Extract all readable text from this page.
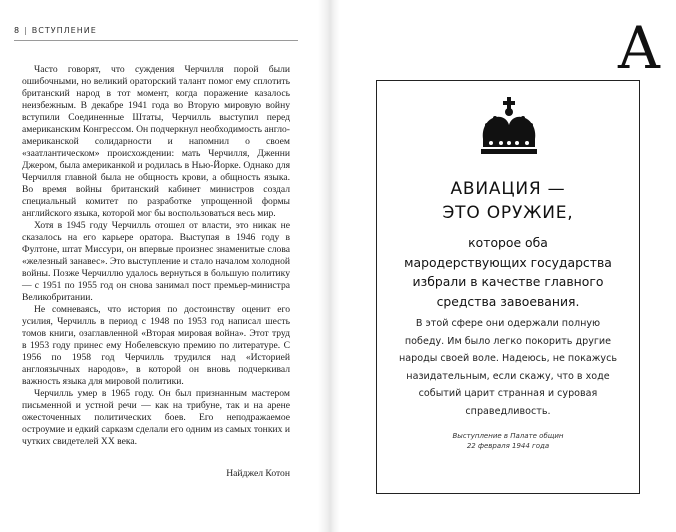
8 | ВСТУПЛЕНИЕ

Часто говорят, что суждения Черчилля порой были ошибочными, но великий ораторский талант помог ему сплотить британский народ в тот момент, когда поражение казалось неизбежным. В декабре 1941 года во Вторую мировую войну вступили Соединенные Штаты, Черчилль выступил перед американским Конгрессом. Он подчеркнул необходимость англо-американской солидарности и напомнил о своем «заатлантическом» происхождении: мать Черчилля, Дженни Джером, была американкой и родилась в Нью-Йорке. Однако для Черчилля главной была не общность крови, а общность языка. Во время войны британский кабинет министров создал специальный комитет по разработке упрощенной формы английского языка, которой мог бы воспользоваться весь мир.

Хотя в 1945 году Черчилль отошел от власти, это никак не сказалось на его карьере оратора. Выступая в 1946 году в Фултоне, штат Миссури, он впервые произнес знаменитые слова «железный занавес». Это выступление и стало началом холодной войны. Позже Черчиллю удалось вернуться в большую политику — с 1951 по 1955 год он снова занимал пост премьер-министра Великобритании.

Не сомневаясь, что история по достоинству оценит его усилия, Черчилль в период с 1948 по 1953 год написал шесть томов книги, озаглавленной «Вторая мировая война». Этот труд в 1953 году принес ему Нобелевскую премию по литературе. С 1956 по 1958 год Черчилль трудился над «Историей англоязычных народов», в которой он вновь подчеркивал важность языка для мировой политики.

Черчилль умер в 1965 году. Он был признанным мастером письменной и устной речи — как на трибуне, так и на арене ожесточенных политических боев. Его неподражаемое остроумие и едкий сарказм сделали его одним из самых тонких и чутких свидетелей XX века.

Найджел Котон
A
АВИАЦИЯ —
ЭТО ОРУЖИЕ,
которое оба
мародерствующих государства
избрали в качестве главного
средства завоевания.
В этой сфере они одержали полную
победу. Им было легко покорить другие
народы своей воле. Надеюсь, не покажусь
назидательным, если скажу, что в ходе
событий царит странная и суровая
справедливость.
Выступление в Палате общин
22 февраля 1944 года
